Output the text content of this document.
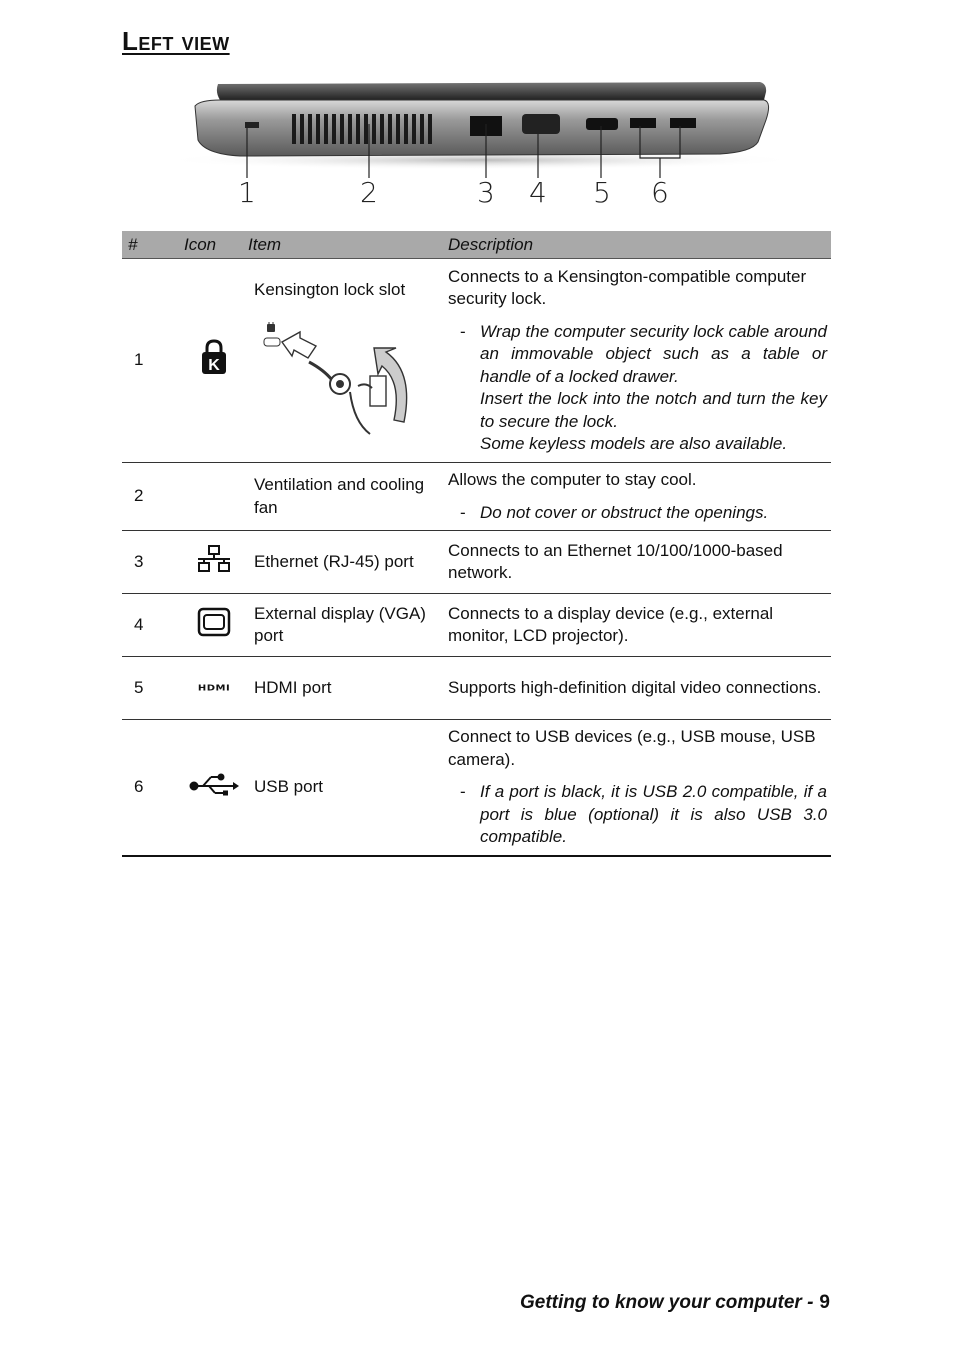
Left view
1	2	3 4 5 6
#	Icon	Item	Description
1	K	Kensington lock slot	Connects to a Kensington-compatible computer security lock.
- Wrap the computer security lock cable around an immovable object such as a table or handle of a locked drawer.
Insert the lock into the notch and turn the key to secure the lock.
Some keyless models are also available.

2		Ventilation and cooling fan	Allows the computer to stay cool.
- Do not cover or obstruct the openings.

3		Ethernet (RJ-45) port	Connects to an Ethernet 10/100/1000-based network.
4		External display (VGA) port	Connects to a display device (e.g., external monitor, LCD projector).
5	HDMI	HDMI port	Supports high-definition digital video connections.
6		USB port	Connect to USB devices (e.g., USB mouse, USB camera).
- If a port is black, it is USB 2.0 compatible, if a port is blue (optional) it is also USB 3.0 compatible.
Getting to know your computer - 9
